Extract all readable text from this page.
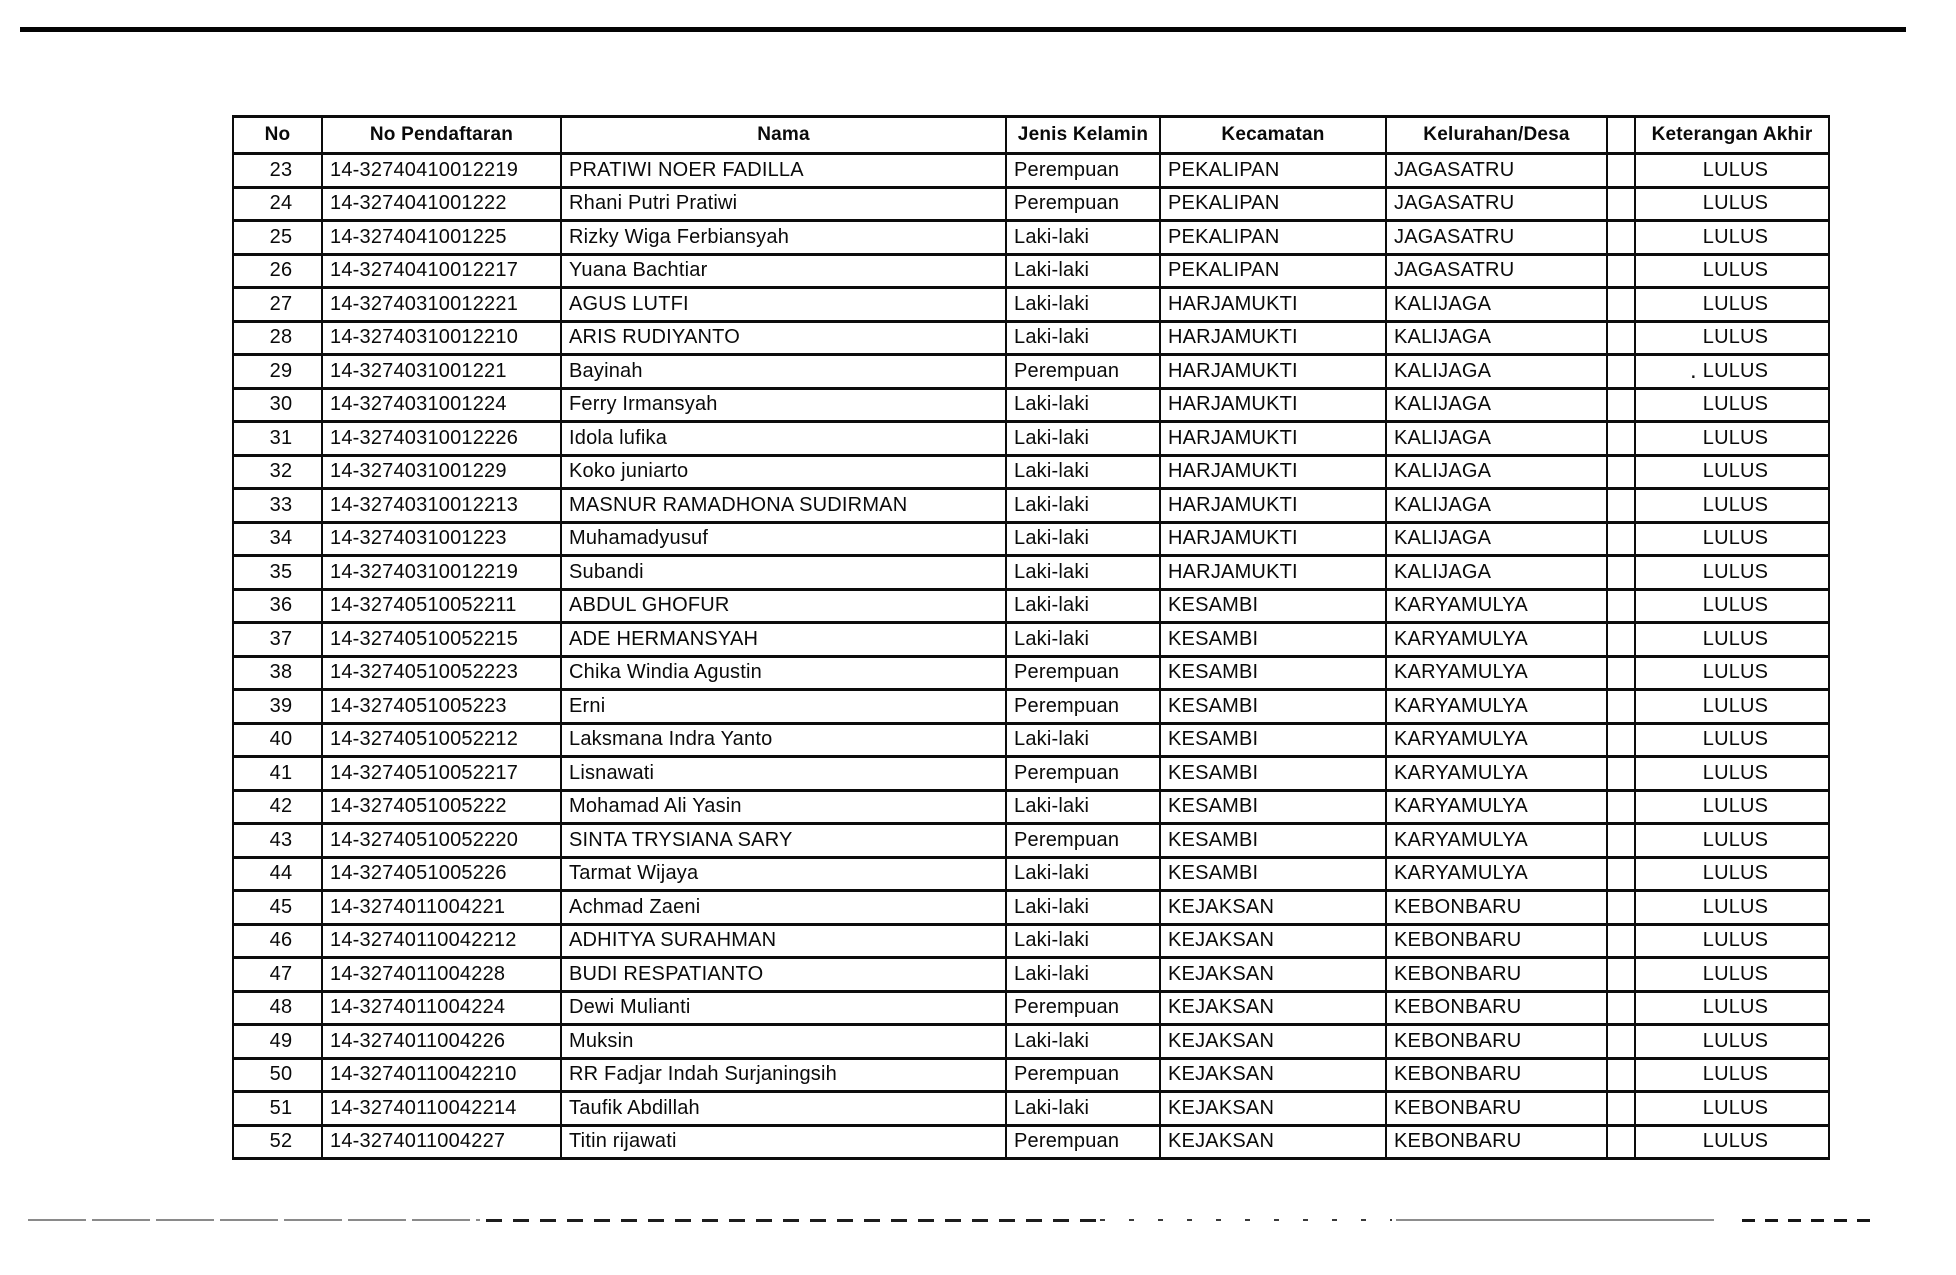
No	No Pendaftaran	Nama	Jenis Kelamin	Kecamatan	Kelurahan/Desa		Keterangan Akhir
23	14-32740410012219	PRATIWI NOER FADILLA	Perempuan	PEKALIPAN	JAGASATRU		LULUS
24	14-3274041001222	Rhani Putri Pratiwi	Perempuan	PEKALIPAN	JAGASATRU		LULUS
25	14-3274041001225	Rizky Wiga Ferbiansyah	Laki-laki	PEKALIPAN	JAGASATRU		LULUS
26	14-32740410012217	Yuana Bachtiar	Laki-laki	PEKALIPAN	JAGASATRU		LULUS
27	14-32740310012221	AGUS LUTFI	Laki-laki	HARJAMUKTI	KALIJAGA		LULUS
28	14-32740310012210	ARIS RUDIYANTO	Laki-laki	HARJAMUKTI	KALIJAGA		LULUS
29	14-3274031001221	Bayinah	Perempuan	HARJAMUKTI	KALIJAGA		LULUS
.

30	14-3274031001224	Ferry Irmansyah	Laki-laki	HARJAMUKTI	KALIJAGA		LULUS
31	14-32740310012226	Idola lufika	Laki-laki	HARJAMUKTI	KALIJAGA		LULUS
32	14-3274031001229	Koko juniarto	Laki-laki	HARJAMUKTI	KALIJAGA		LULUS
33	14-32740310012213	MASNUR RAMADHONA SUDIRMAN	Laki-laki	HARJAMUKTI	KALIJAGA		LULUS
34	14-3274031001223	Muhamadyusuf	Laki-laki	HARJAMUKTI	KALIJAGA		LULUS
35	14-32740310012219	Subandi	Laki-laki	HARJAMUKTI	KALIJAGA		LULUS
36	14-32740510052211	ABDUL GHOFUR	Laki-laki	KESAMBI	KARYAMULYA		LULUS
37	14-32740510052215	ADE HERMANSYAH	Laki-laki	KESAMBI	KARYAMULYA		LULUS
38	14-32740510052223	Chika Windia Agustin	Perempuan	KESAMBI	KARYAMULYA		LULUS
39	14-3274051005223	Erni	Perempuan	KESAMBI	KARYAMULYA		LULUS
40	14-32740510052212	Laksmana Indra Yanto	Laki-laki	KESAMBI	KARYAMULYA		LULUS
41	14-32740510052217	Lisnawati	Perempuan	KESAMBI	KARYAMULYA		LULUS
42	14-3274051005222	Mohamad Ali Yasin	Laki-laki	KESAMBI	KARYAMULYA		LULUS
43	14-32740510052220	SINTA TRYSIANA SARY	Perempuan	KESAMBI	KARYAMULYA		LULUS
44	14-3274051005226	Tarmat Wijaya	Laki-laki	KESAMBI	KARYAMULYA		LULUS
45	14-3274011004221	Achmad Zaeni	Laki-laki	KEJAKSAN	KEBONBARU		LULUS
46	14-32740110042212	ADHITYA SURAHMAN	Laki-laki	KEJAKSAN	KEBONBARU		LULUS
47	14-3274011004228	BUDI RESPATIANTO	Laki-laki	KEJAKSAN	KEBONBARU		LULUS
48	14-3274011004224	Dewi Mulianti	Perempuan	KEJAKSAN	KEBONBARU		LULUS
49	14-3274011004226	Muksin	Laki-laki	KEJAKSAN	KEBONBARU		LULUS
50	14-32740110042210	RR Fadjar Indah Surjaningsih	Perempuan	KEJAKSAN	KEBONBARU		LULUS
51	14-32740110042214	Taufik Abdillah	Laki-laki	KEJAKSAN	KEBONBARU		LULUS
52	14-3274011004227	Titin rijawati	Perempuan	KEJAKSAN	KEBONBARU		LULUS
